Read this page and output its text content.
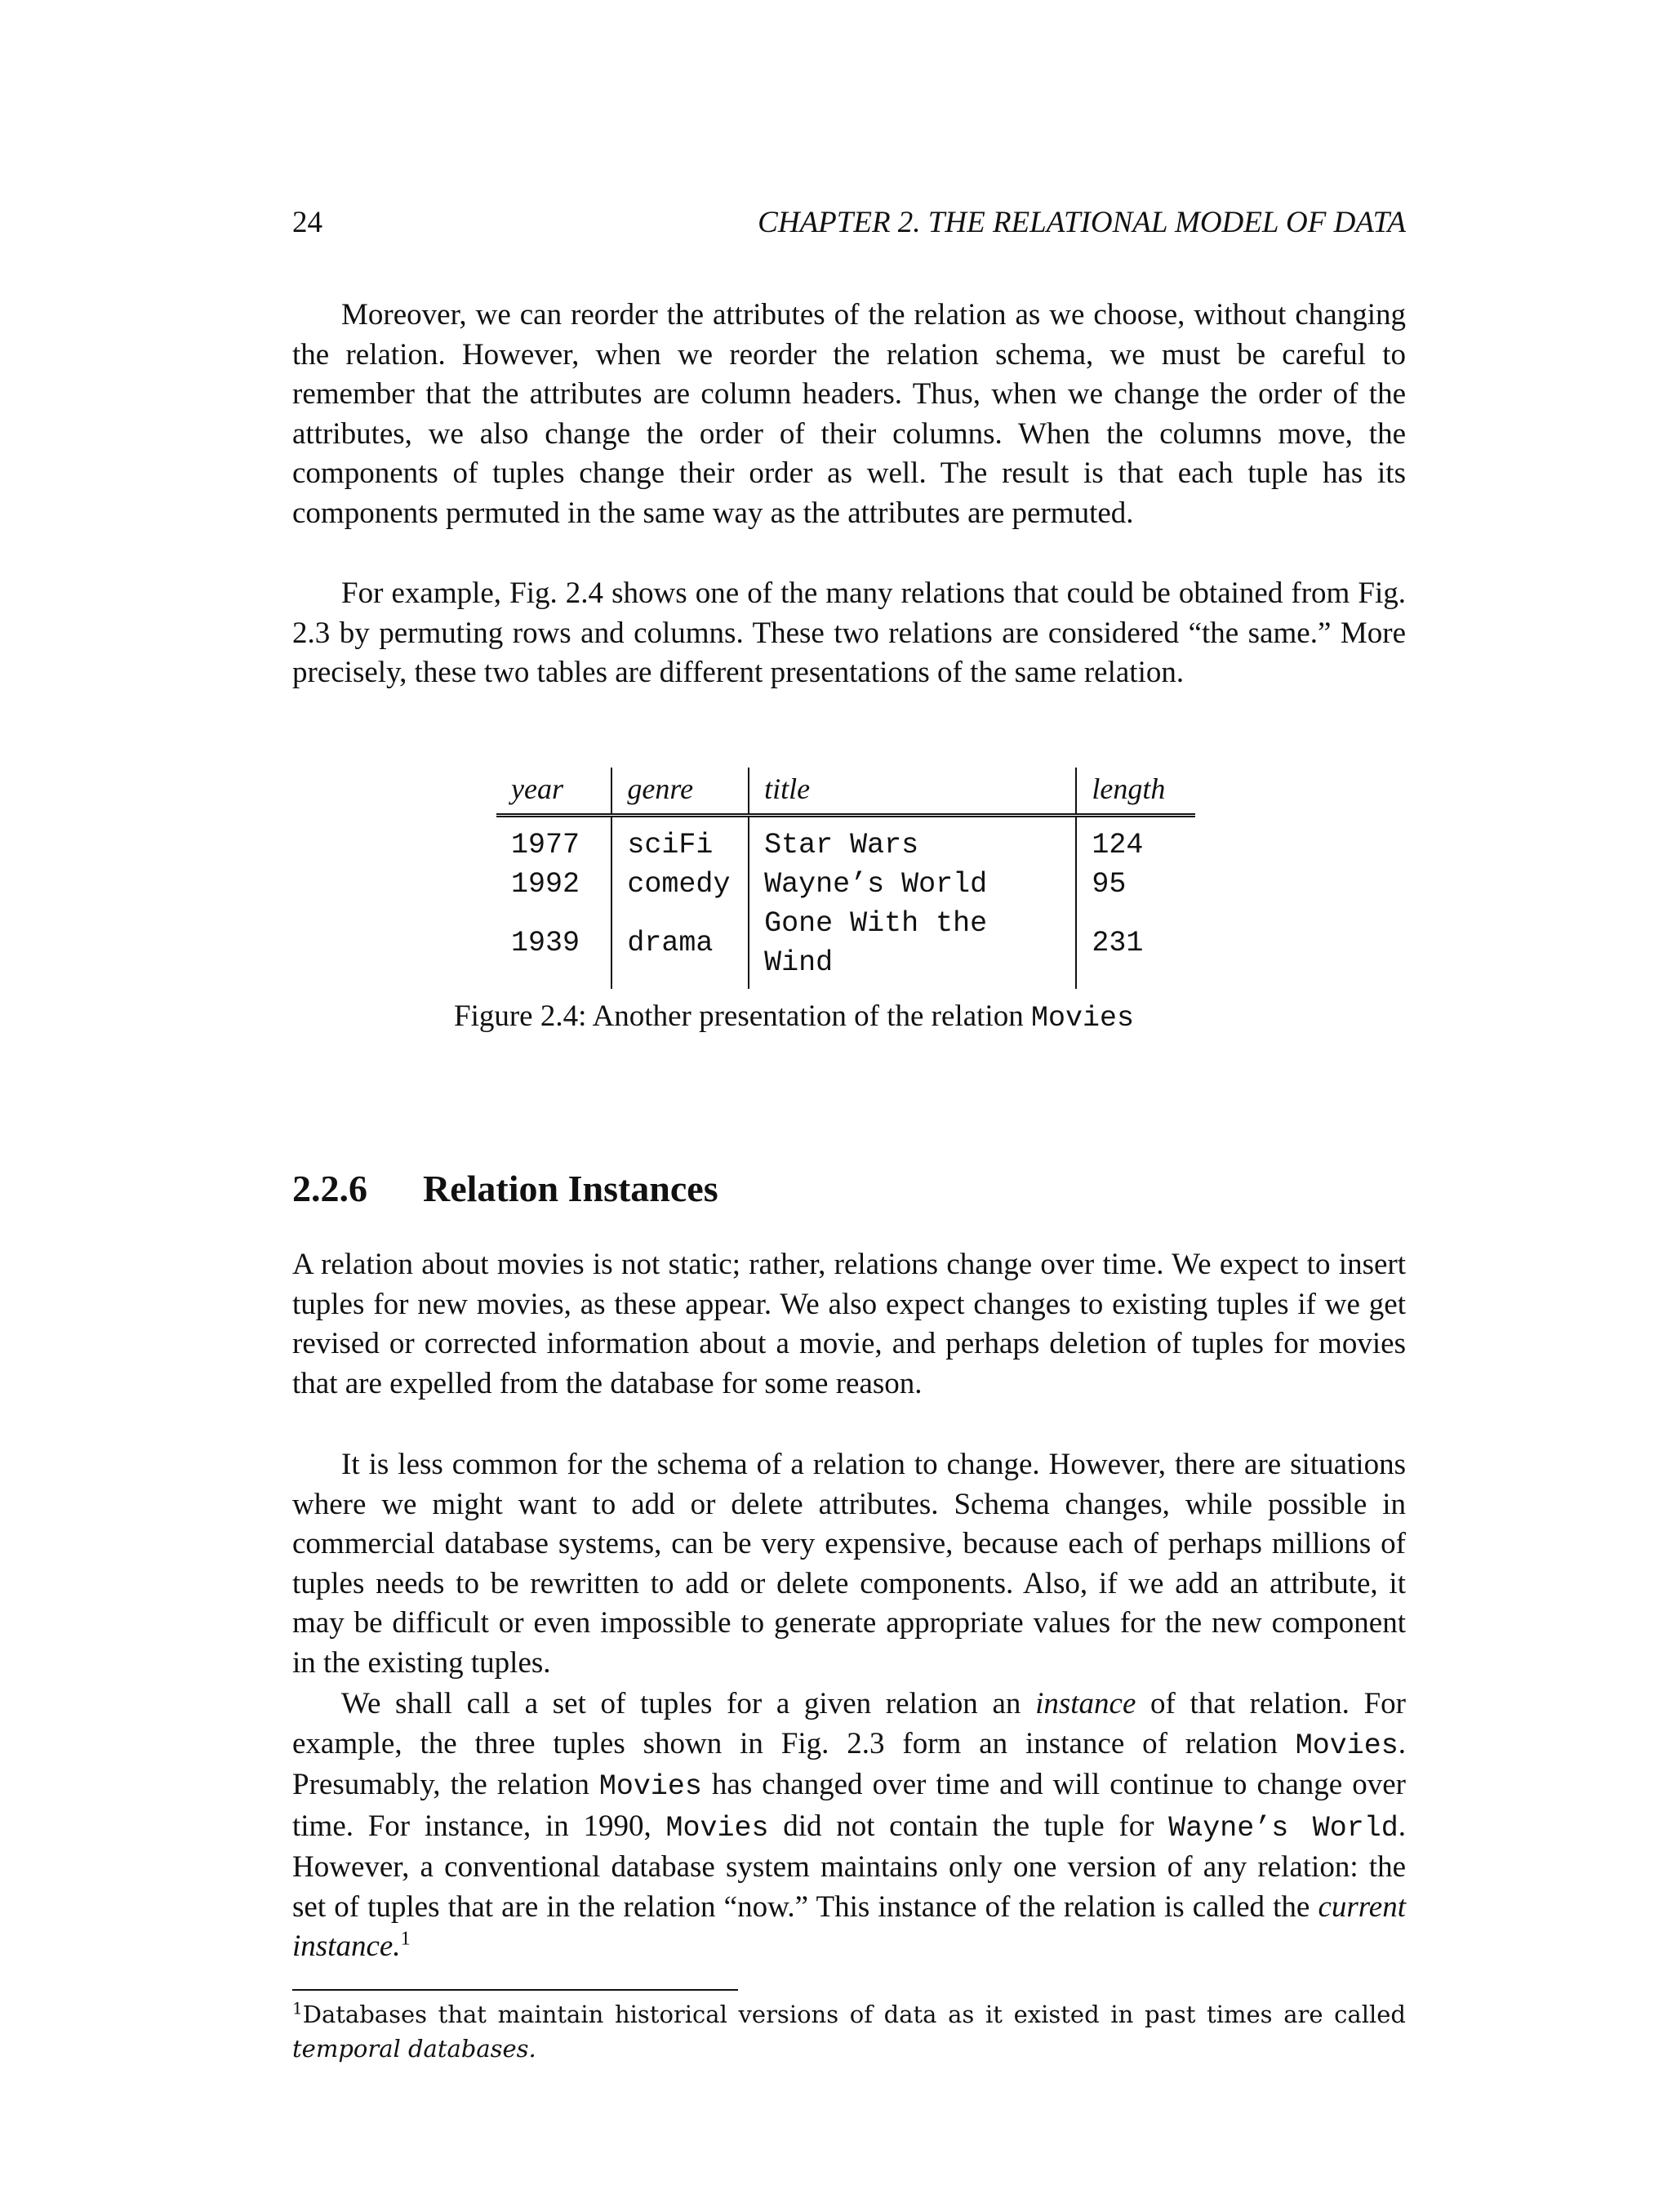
24	CHAPTER 2. THE RELATIONAL MODEL OF DATA

Moreover, we can reorder the attributes of the relation as we choose, without changing the relation. However, when we reorder the relation schema, we must be careful to remember that the attributes are column headers. Thus, when we change the order of the attributes, we also change the order of their columns. When the columns move, the components of tuples change their order as well. The result is that each tuple has its components permuted in the same way as the attributes are permuted.

For example, Fig. 2.4 shows one of the many relations that could be obtained from Fig. 2.3 by permuting rows and columns. These two relations are considered “the same.” More precisely, these two tables are different presentations of the same relation.

year	genre	title	length
1977	sciFi	Star Wars	124
1992	comedy	Wayne’s World	95
1939	drama	Gone With the Wind	231
Figure 2.4: Another presentation of the relation Movies
2.2.6 Relation Instances

A relation about movies is not static; rather, relations change over time. We expect to insert tuples for new movies, as these appear. We also expect changes to existing tuples if we get revised or corrected information about a movie, and perhaps deletion of tuples for movies that are expelled from the database for some reason.

It is less common for the schema of a relation to change. However, there are situations where we might want to add or delete attributes. Schema changes, while possible in commercial database systems, can be very expensive, because each of perhaps millions of tuples needs to be rewritten to add or delete components. Also, if we add an attribute, it may be difficult or even impossible to generate appropriate values for the new component in the existing tuples.

We shall call a set of tuples for a given relation an instance of that relation. For example, the three tuples shown in Fig. 2.3 form an instance of relation Movies. Presumably, the relation Movies has changed over time and will continue to change over time. For instance, in 1990, Movies did not contain the tuple for Wayne’s World. However, a conventional database system maintains only one version of any relation: the set of tuples that are in the relation “now.” This instance of the relation is called the current instance.$^1$

$^1$Databases that maintain historical versions of data as it existed in past times are called temporal databases.
